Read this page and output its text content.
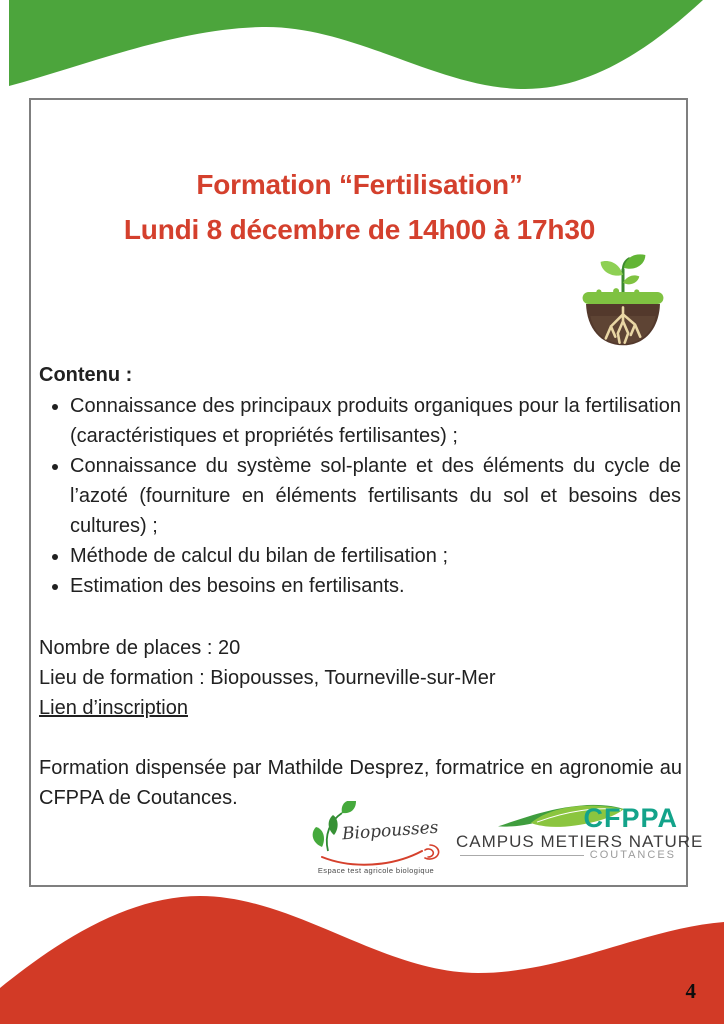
4
Formation “Fertilisation”
Lundi 8 décembre de 14h00 à 17h30
Contenu :
• Connaissance des principaux produits organiques pour la fertilisation (caractéristiques et propriétés fertilisantes) ;
• Connaissance du système sol-plante et des éléments du cycle de l’azoté (fourniture en éléments fertilisants du sol et besoins des cultures) ;
• Méthode de calcul du bilan de fertilisation ;
• Estimation des besoins en fertilisants.
Nombre de places : 20
Lieu de formation : Biopousses, Tourneville-sur-Mer
Lien d’inscription

Formation dispensée par Mathilde Desprez, formatrice en agronomie au CFPPA de Coutances.

Biopousses
Espace test agricole biologique
CFPPA
CAMPUS METIERS NATURE
COUTANCES
